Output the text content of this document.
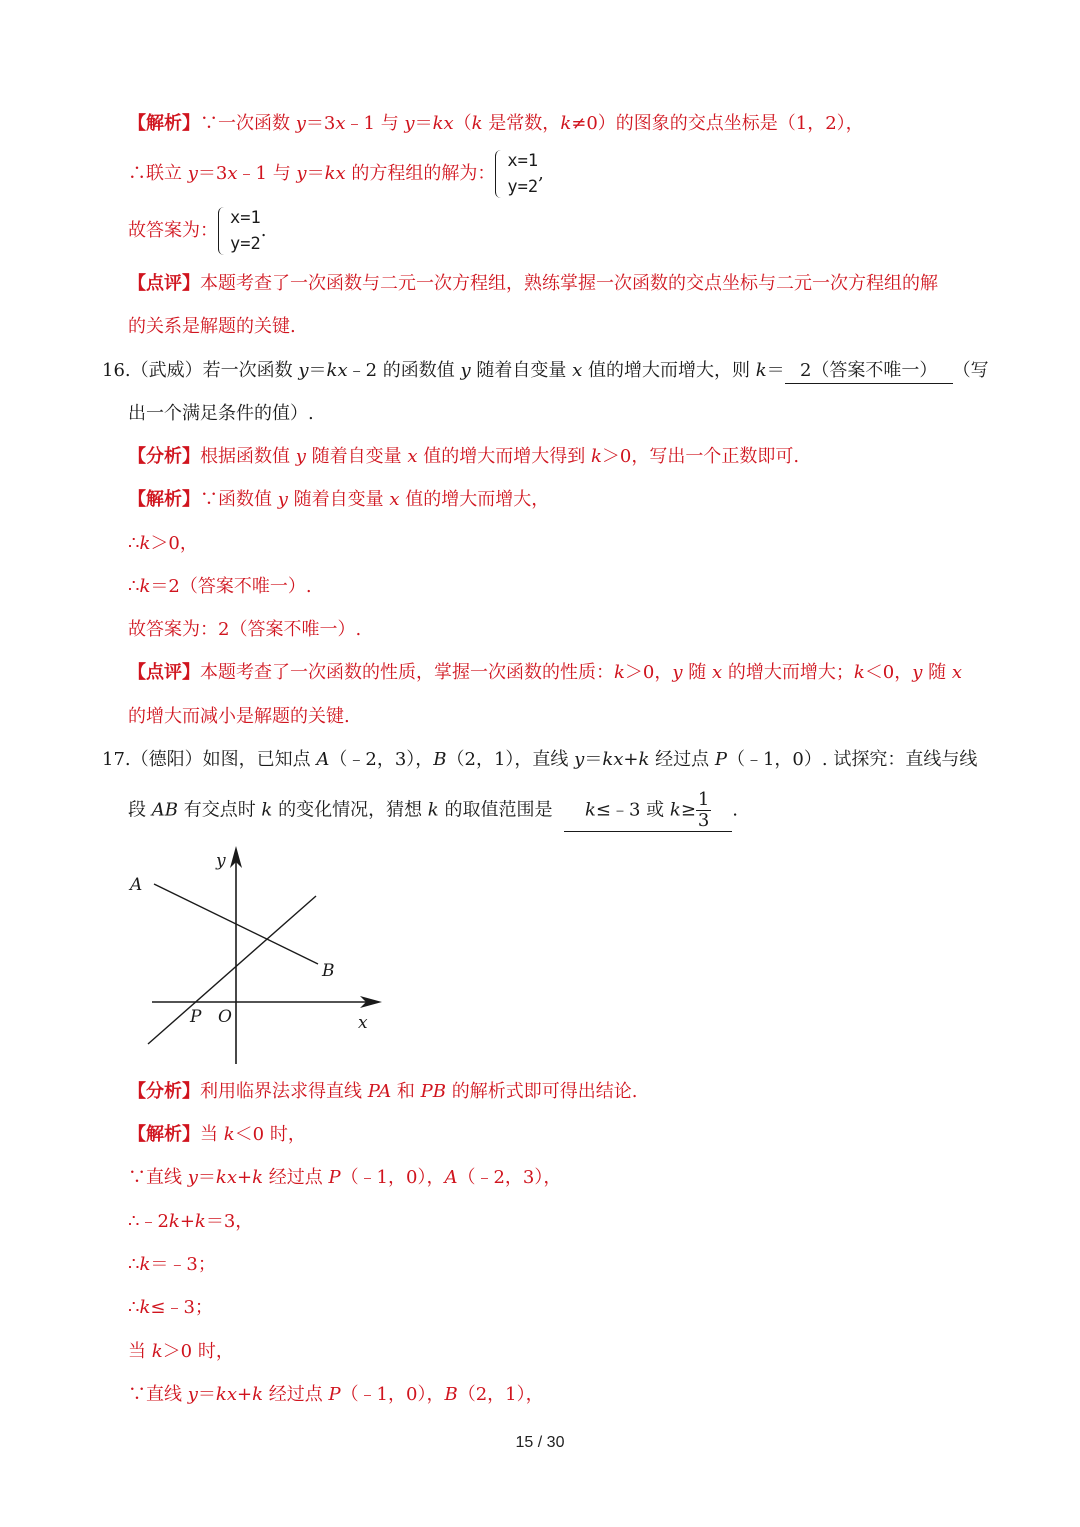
【解析】∵一次函数 y＝3x﹣1 与 y＝kx（k 是常数，k≠0）的图象的交点坐标是（1，2），
∴联立 y＝3x﹣1 与 y＝kx 的方程组的解为：
x=1
y=2
,
故答案为：
x=1
y=2
.
【点评】本题考查了一次函数与二元一次方程组，熟练掌握一次函数的交点坐标与二元一次方程组的解
的关系是解题的关键.
16.（武威）若一次函数 y＝kx﹣2 的函数值 y 随着自变量 x 值的增大而增大，则 k＝ 2（答案不唯一） （写
出一个满足条件的值）.
【分析】根据函数值 y 随着自变量 x 值的增大而增大得到 k＞0，写出一个正数即可.
【解析】∵函数值 y 随着自变量 x 值的增大而增大，
∴k＞0，
∴k＝2（答案不唯一）.
故答案为：2（答案不唯一）.
【点评】本题考查了一次函数的性质，掌握一次函数的性质：k＞0，y 随 x 的增大而增大；k＜0，y 随 x
的增大而减小是解题的关键.
17.（德阳）如图，已知点 A（﹣2，3），B（2，1），直线 y＝kx+k 经过点 P（﹣1，0）. 试探究：直线与线
段 AB 有交点时 k 的变化情况，猜想 k 的取值范围是 k≤﹣3 或 $k\ge \frac{1}{3}$ .
A
B
P O	x
y
【分析】利用临界法求得直线 PA 和 PB 的解析式即可得出结论.
【解析】当 k＜0 时，
∵直线 y＝kx+k 经过点 P（﹣1，0），A（﹣2，3），
∴﹣2k+k＝3，
∴k＝﹣3；
∴k≤﹣3；
当 k＞0 时，
∵直线 y＝kx+k 经过点 P（﹣1，0），B（2，1），
15 / 30
